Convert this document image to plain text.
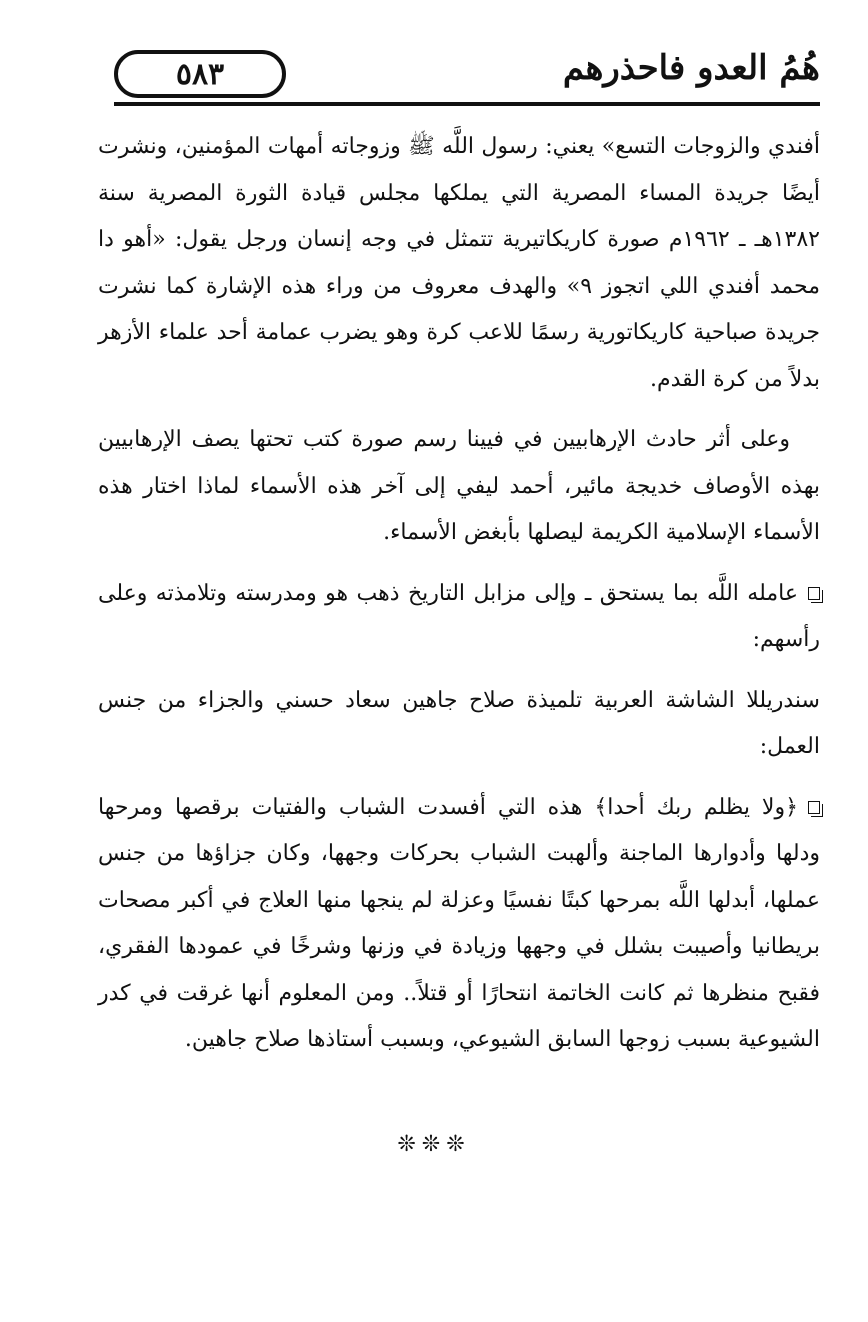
٥٨٣	هُمُ العدو فاحذرهم

أفندي والزوجات التسع» يعني: رسول اللَّه ﷺ وزوجاته أمهات المؤمنين، ونشرت أيضًا جريدة المساء المصرية التي يملكها مجلس قيادة الثورة المصرية سنة ١٣٨٢هـ ـ ١٩٦٢م صورة كاريكاتيرية تتمثل في وجه إنسان ورجل يقول: «أهو دا محمد أفندي اللي اتجوز ٩» والهدف معروف من وراء هذه الإشارة كما نشرت جريدة صباحية كاريكاتورية رسمًا للاعب كرة وهو يضرب عمامة أحد علماء الأزهر بدلاً من كرة القدم.

وعلى أثر حادث الإرهابيين في فيينا رسم صورة كتب تحتها يصف الإرهابيين بهذه الأوصاف خديجة مائير، أحمد ليفي إلى آخر هذه الأسماء لماذا اختار هذه الأسماء الإسلامية الكريمة ليصلها بأبغض الأسماء.

عامله اللَّه بما يستحق ـ وإلى مزابل التاريخ ذهب هو ومدرسته وتلامذته وعلى رأسهم:

سندريللا الشاشة العربية تلميذة صلاح جاهين سعاد حسني والجزاء من جنس العمل:

﴿ولا يظلم ربك أحدا﴾ هذه التي أفسدت الشباب والفتيات برقصها ومرحها ودلها وأدوارها الماجنة وألهبت الشباب بحركات وجهها، وكان جزاؤها من جنس عملها، أبدلها اللَّه بمرحها كبتًا نفسيًا وعزلة لم ينجها منها العلاج في أكبر مصحات بريطانيا وأصيبت بشلل في وجهها وزيادة في وزنها وشرخًا في عمودها الفقري، فقبح منظرها ثم كانت الخاتمة انتحارًا أو قتلاً.. ومن المعلوم أنها غرقت في كدر الشيوعية بسبب زوجها السابق الشيوعي، وبسبب أستاذها صلاح جاهين.

❊❊❊
